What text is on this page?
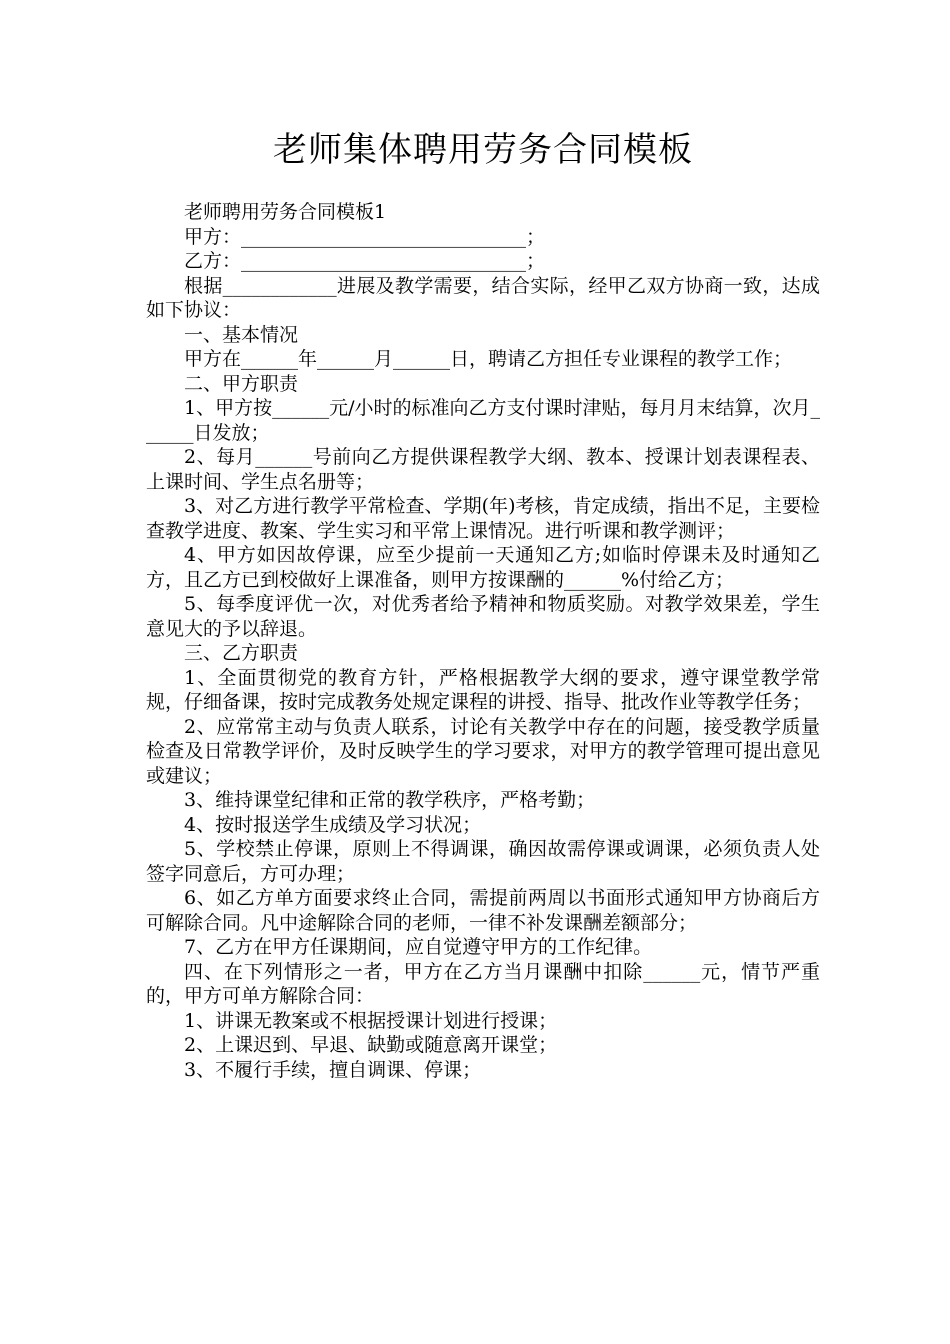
老师集体聘用劳务合同模板

老师聘用劳务合同模板1

甲方：______________________________；

乙方：______________________________；

根据____________进展及教学需要，结合实际，经甲乙双方协商一致，达成如下协议：

一、基本情况

甲方在______年______月______日，聘请乙方担任专业课程的教学工作；

二、甲方职责

1、甲方按______元/小时的标准向乙方支付课时津贴，每月月末结算，次月______日发放；

2、每月______号前向乙方提供课程教学大纲、教本、授课计划表课程表、上课时间、学生点名册等；

3、对乙方进行教学平常检查、学期(年)考核，肯定成绩，指出不足，主要检查教学进度、教案、学生实习和平常上课情况。进行听课和教学测评；

4、甲方如因故停课，应至少提前一天通知乙方;如临时停课未及时通知乙方，且乙方已到校做好上课准备，则甲方按课酬的______%付给乙方；

5、每季度评优一次，对优秀者给予精神和物质奖励。对教学效果差，学生意见大的予以辞退。

三、乙方职责

1、全面贯彻党的教育方针，严格根据教学大纲的要求，遵守课堂教学常规，仔细备课，按时完成教务处规定课程的讲授、指导、批改作业等教学任务；

2、应常常主动与负责人联系，讨论有关教学中存在的问题，接受教学质量检查及日常教学评价，及时反映学生的学习要求，对甲方的教学管理可提出意见或建议；

3、维持课堂纪律和正常的教学秩序，严格考勤；

4、按时报送学生成绩及学习状况；

5、学校禁止停课，原则上不得调课，确因故需停课或调课，必须负责人处签字同意后，方可办理；

6、如乙方单方面要求终止合同，需提前两周以书面形式通知甲方协商后方可解除合同。凡中途解除合同的老师，一律不补发课酬差额部分；

7、乙方在甲方任课期间，应自觉遵守甲方的工作纪律。

四、在下列情形之一者，甲方在乙方当月课酬中扣除______元，情节严重的，甲方可单方解除合同：

1、讲课无教案或不根据授课计划进行授课；

2、上课迟到、早退、缺勤或随意离开课堂；

3、不履行手续，擅自调课、停课；
